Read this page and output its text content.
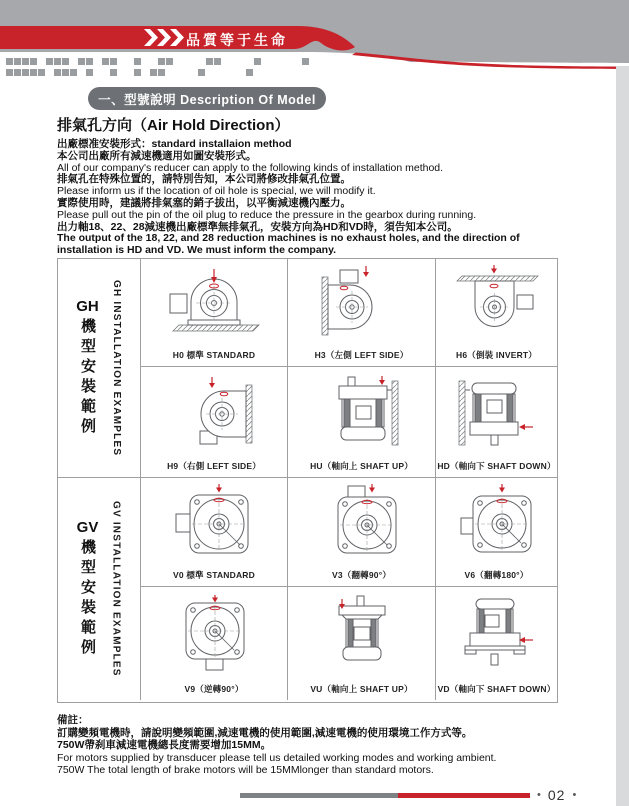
品質等于生命
一、型號說明 Description Of Model
排氣孔方向（Air Hold Direction）
出廠標准安裝形式：standard installaion method
本公司出廠所有減速機適用如圖安裝形式。
All of our company's reducer can apply to the following kinds of installation method.
排氣孔在特殊位置的，請特別告知，本公司將修改排氣孔位置。
Please inform us if the location of oil hole is special, we will modify it.
實際使用時，建議將排氣塞的銷子拔出，以平衡減速機內壓力。
Please pull out the pin of the oil plug to reduce the pressure in the gearbox during running.
出力軸18、22、28減速機出廠標準無排氣孔，安裝方向為HD和VD時，須告知本公司。
The output of the 18, 22, and 28 reduction machines is no exhaust holes, and the direction of
installation is HD and VD. We must inform the company.
GH
機型安裝範例 GH INSTALLATION EXAMPLES	H0 標準 STANDARD	H3（左側 LEFT SIDE）	H6（倒裝 INVERT）
H9（右側 LEFT SIDE）	HU（軸向上 SHAFT UP）	HD（軸向下 SHAFT DOWN）
GV
機型安裝範例 GV INSTALLATION EXAMPLES	V0 標準 STANDARD	V3（翻轉90°）	V6（翻轉180°）
V9（逆轉90°）	VU（軸向上 SHAFT UP）	VD（軸向下 SHAFT DOWN）
備註：
訂購變頻電機時，請說明變頻範圍,減速電機的使用範圍,減速電機的使用環境工作方式等。
750W帶刹車減速電機總長度需要增加15MM。
For motors supplied by transducer please tell us detailed working modes and working ambient.
750W The total length of brake motors will be 15MMlonger than standard motors.
• 02 •
